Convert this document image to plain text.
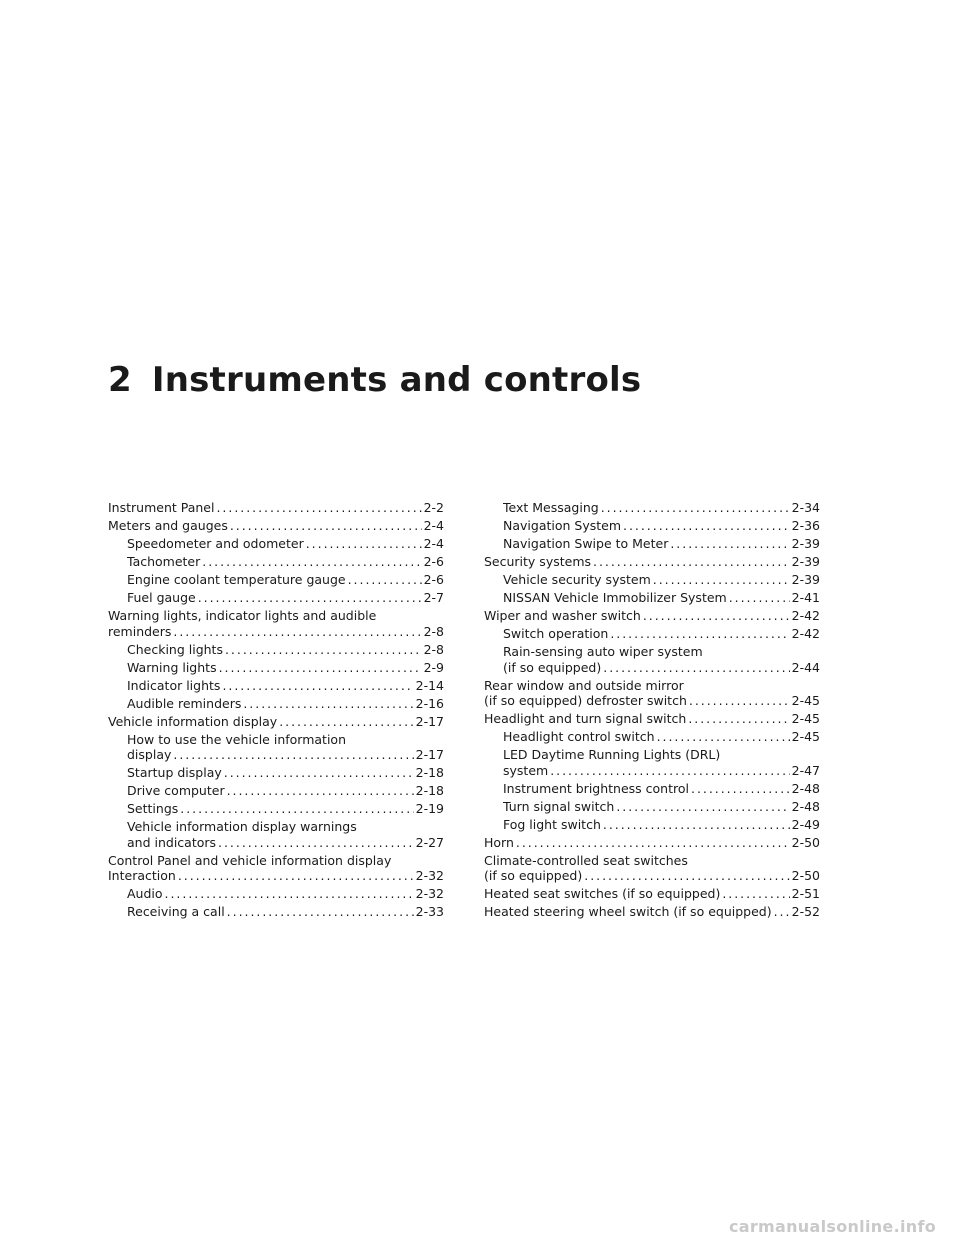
2 Instruments and controls
Instrument Panel . . .	2-2
Meters and gauges . . .	2-4
Speedometer and odometer . . .	2-4
Tachometer . . .	2-6
Engine coolant temperature gauge . . .	2-6
Fuel gauge . . .	2-7
Warning lights, indicator lights and audible
reminders . . .	2-8
Checking lights . . .	2-8
Warning lights . . .	2-9
Indicator lights . . .	2-14
Audible reminders . . .	2-16
Vehicle information display . . .	2-17
How to use the vehicle information
display . . .	2-17
Startup display . . .	2-18
Drive computer . . .	2-18
Settings . . .	2-19
Vehicle information display warnings
and indicators . . .	2-27
Control Panel and vehicle information display
Interaction . . .	2-32
Audio . . .	2-32
Receiving a call . . .	2-33
Text Messaging . . .	2-34
Navigation System . . .	2-36
Navigation Swipe to Meter . . .	2-39
Security systems . . .	2-39
Vehicle security system . . .	2-39
NISSAN Vehicle Immobilizer System . . .	2-41
Wiper and washer switch . . .	2-42
Switch operation . . .	2-42
Rain-sensing auto wiper system
(if so equipped) . . .	2-44
Rear window and outside mirror
(if so equipped) defroster switch . . .	2-45
Headlight and turn signal switch . . .	2-45
Headlight control switch . . .	2-45
LED Daytime Running Lights (DRL)
system . . .	2-47
Instrument brightness control . . .	2-48
Turn signal switch . . .	2-48
Fog light switch . . .	2-49
Horn . . .	2-50
Climate-controlled seat switches
(if so equipped) . . .	2-50
Heated seat switches (if so equipped) . . .	2-51
Heated steering wheel switch (if so equipped) . . . 2-52
carmanualsonline.info
